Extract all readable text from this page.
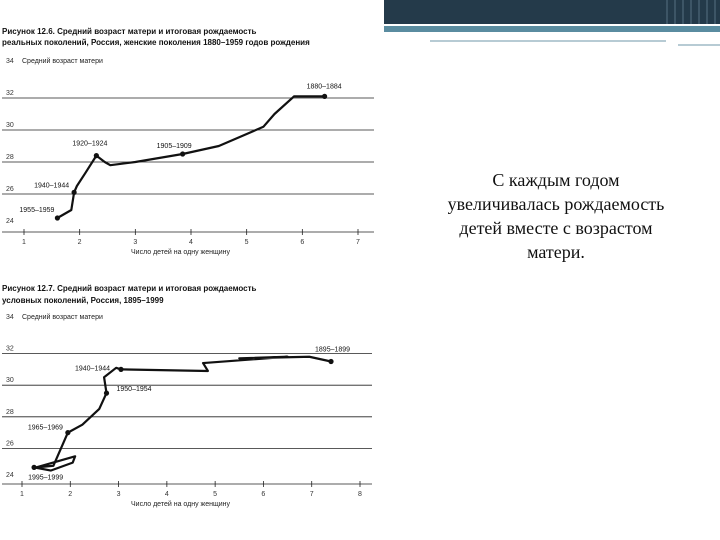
С каждым годом увеличивалась рождаемость детей вместе с возрастом матери.
Рисунок 12.6. Средний возраст матери и итоговая рождаемость
реальных поколений, Россия, женские поколения 1880–1959 годов рождения
Рисунок 12.7. Средний возраст матери и итоговая рождаемость
условных поколений, Россия, 1895–1999
24
26
28
30
32
34 Средний возраст матери
1	2	3	4	5	6	7
Число детей на одну женщину
1955–1959
1940–1944
1920–1924	1905–1909
1880–1884
24
26
28
30
32
34 Средний возраст матери
1	2	3	4	5	6	7	8
Число детей на одну женщину
1995–1999
1965–1969
1950–1954
1940–1944
1895–1899
